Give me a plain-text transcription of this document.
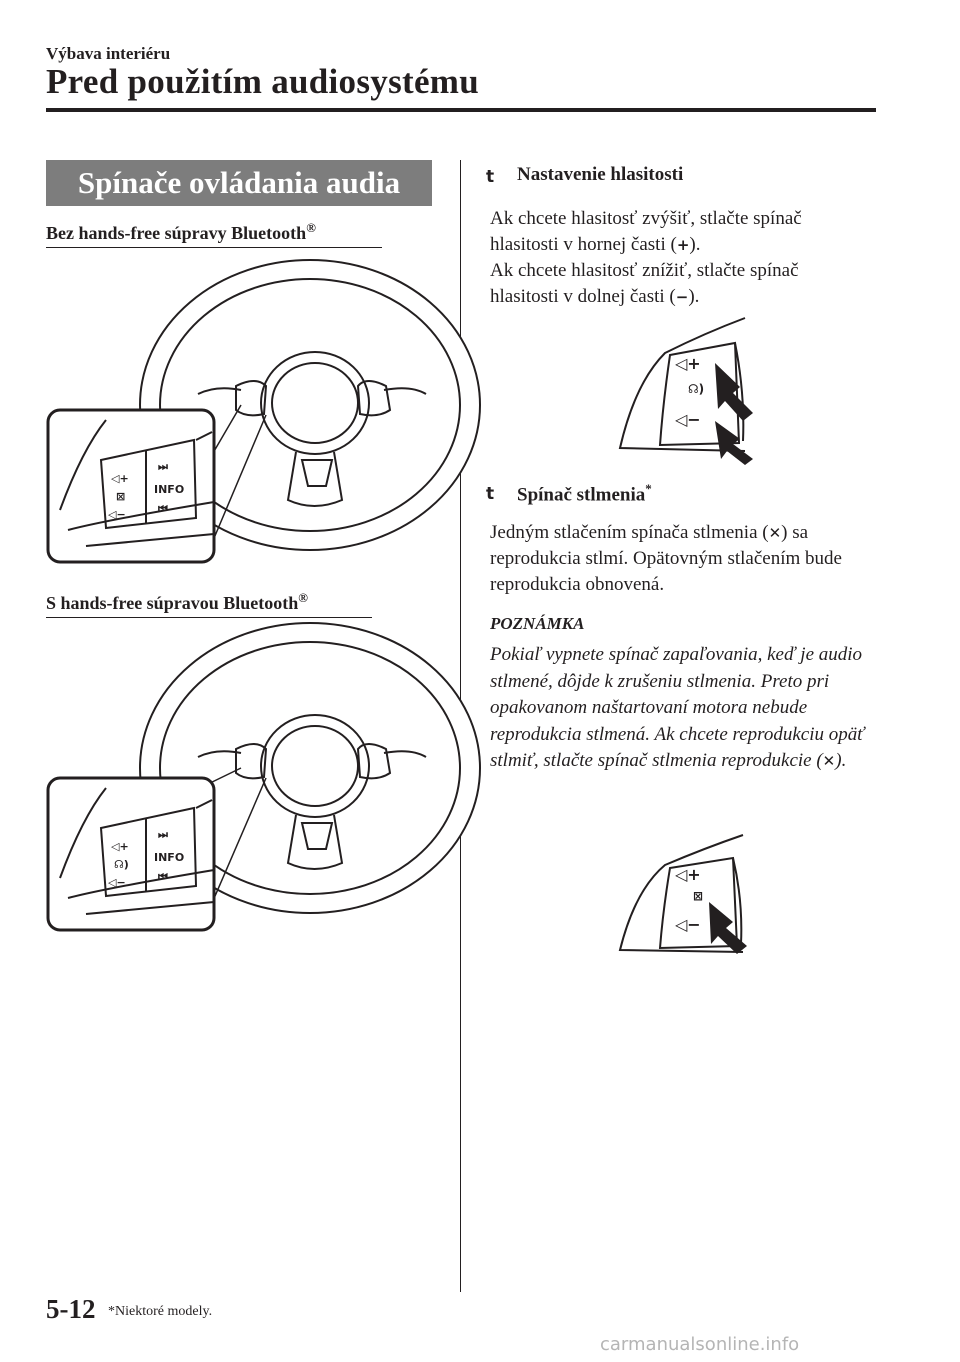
Výbava interiéru
Pred použitím audiosystému
Spínače ovládania audia
Bez hands-free súpravy Bluetooth®
◁+
⊠
◁−
⏭
INFO
⏮
S hands-free súpravou Bluetooth®
◁+
☊)
◁−
⏭
INFO
⏮
t Nastavenie hlasitosti
Ak chcete hlasitosť zvýšiť, stlačte spínač
hlasitosti v hornej časti (+).
Ak chcete hlasitosť znížiť, stlačte spínač
hlasitosti v dolnej časti (−).
◁+
☊)
◁−
t Spínač stlmenia*
Jedným stlačením spínača stlmenia (✕) sa reprodukcia stlmí. Opätovným stlačením bude reprodukcia obnovená.
POZNÁMKA
Pokiaľ vypnete spínač zapaľovania, keď je audio stlmené, dôjde k zrušeniu stlmenia. Preto pri opakovanom naštartovaní motora nebude reprodukcia stlmená. Ak chcete reprodukciu opäť stlmiť, stlačte spínač stlmenia reprodukcie (✕).
◁+
⊠
◁−
5-12 *Niektoré modely.
carmanualsonline.info
